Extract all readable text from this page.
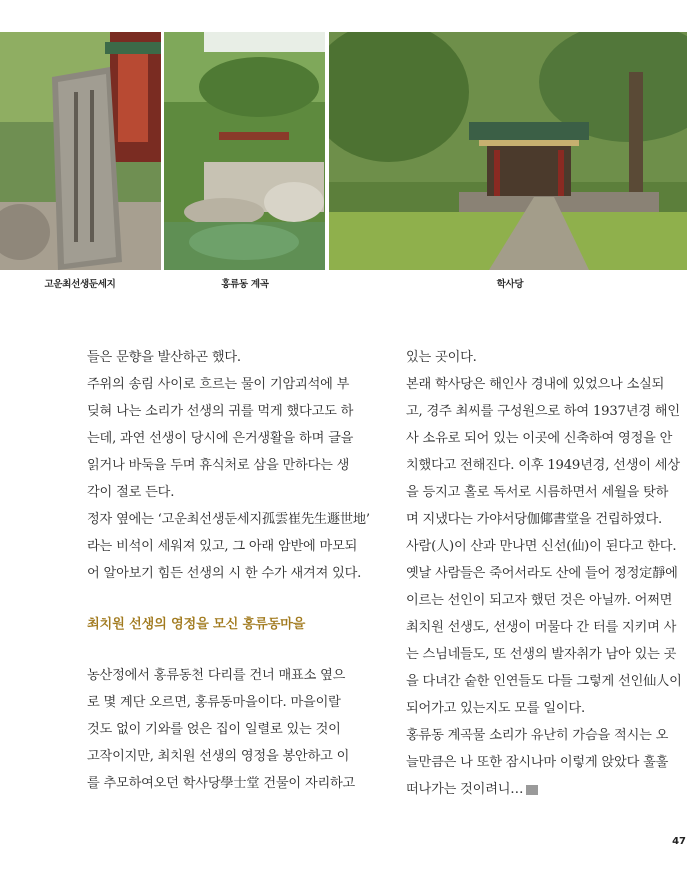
고운최선생둔세지	홍류동 계곡	학사당

들은 문향을 발산하곤 했다.

주위의 송림 사이로 흐르는 물이 기암괴석에 부

딪혀 나는 소리가 선생의 귀를 먹게 했다고도 하

는데, 과연 선생이 당시에 은거생활을 하며 글을

읽거나 바둑을 두며 휴식처로 삼을 만하다는 생

각이 절로 든다.

정자 옆에는 ‘고운최선생둔세지孤雲崔先生遯世地’

라는 비석이 세워져 있고, 그 아래 암반에 마모되

어 알아보기 힘든 선생의 시 한 수가 새겨져 있다.

최치원 선생의 영정을 모신 홍류동마을

농산정에서 홍류동천 다리를 건너 매표소 옆으

로 몇 계단 오르면, 홍류동마을이다. 마을이랄

것도 없이 기와를 얹은 집이 일렬로 있는 것이

고작이지만, 최치원 선생의 영정을 봉안하고 이

를 추모하여오던 학사당學士堂 건물이 자리하고

있는 곳이다.

본래 학사당은 해인사 경내에 있었으나 소실되

고, 경주 최씨를 구성원으로 하여 1937년경 해인

사 소유로 되어 있는 이곳에 신축하여 영정을 안

치했다고 전해진다. 이후 1949년경, 선생이 세상

을 등지고 홀로 독서로 시름하면서 세월을 탓하

며 지냈다는 가야서당伽倻書堂을 건립하였다.

사람(人)이 산과 만나면 신선(仙)이 된다고 한다.

옛날 사람들은 죽어서라도 산에 들어 정정定靜에

이르는 선인이 되고자 했던 것은 아닐까. 어쩌면

최치원 선생도, 선생이 머물다 간 터를 지키며 사

는 스님네들도, 또 선생의 발자취가 남아 있는 곳

을 다녀간 숱한 인연들도 다들 그렇게 선인仙人이

되어가고 있는지도 모를 일이다.

홍류동 계곡물 소리가 유난히 가슴을 적시는 오

늘만큼은 나 또한 잠시나마 이렇게 앉았다 훌훌

떠나가는 것이려니…

47
